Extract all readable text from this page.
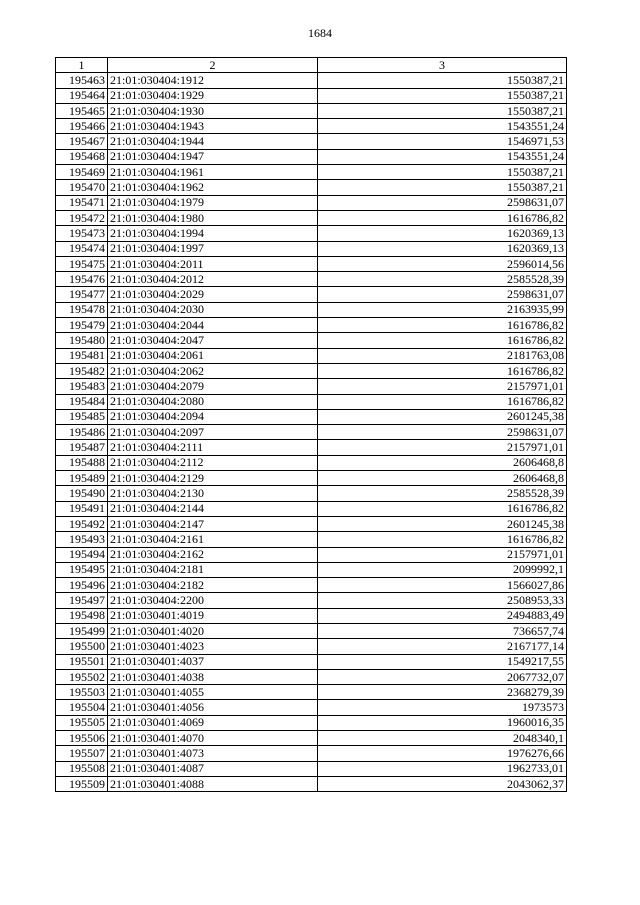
1684
1	2	3
195463	21:01:030404:1912	1550387,21
195464	21:01:030404:1929	1550387,21
195465	21:01:030404:1930	1550387,21
195466	21:01:030404:1943	1543551,24
195467	21:01:030404:1944	1546971,53
195468	21:01:030404:1947	1543551,24
195469	21:01:030404:1961	1550387,21
195470	21:01:030404:1962	1550387,21
195471	21:01:030404:1979	2598631,07
195472	21:01:030404:1980	1616786,82
195473	21:01:030404:1994	1620369,13
195474	21:01:030404:1997	1620369,13
195475	21:01:030404:2011	2596014,56
195476	21:01:030404:2012	2585528,39
195477	21:01:030404:2029	2598631,07
195478	21:01:030404:2030	2163935,99
195479	21:01:030404:2044	1616786,82
195480	21:01:030404:2047	1616786,82
195481	21:01:030404:2061	2181763,08
195482	21:01:030404:2062	1616786,82
195483	21:01:030404:2079	2157971,01
195484	21:01:030404:2080	1616786,82
195485	21:01:030404:2094	2601245,38
195486	21:01:030404:2097	2598631,07
195487	21:01:030404:2111	2157971,01
195488	21:01:030404:2112	2606468,8
195489	21:01:030404:2129	2606468,8
195490	21:01:030404:2130	2585528,39
195491	21:01:030404:2144	1616786,82
195492	21:01:030404:2147	2601245,38
195493	21:01:030404:2161	1616786,82
195494	21:01:030404:2162	2157971,01
195495	21:01:030404:2181	2099992,1
195496	21:01:030404:2182	1566027,86
195497	21:01:030404:2200	2508953,33
195498	21:01:030401:4019	2494883,49
195499	21:01:030401:4020	736657,74
195500	21:01:030401:4023	2167177,14
195501	21:01:030401:4037	1549217,55
195502	21:01:030401:4038	2067732,07
195503	21:01:030401:4055	2368279,39
195504	21:01:030401:4056	1973573
195505	21:01:030401:4069	1960016,35
195506	21:01:030401:4070	2048340,1
195507	21:01:030401:4073	1976276,66
195508	21:01:030401:4087	1962733,01
195509	21:01:030401:4088	2043062,37
